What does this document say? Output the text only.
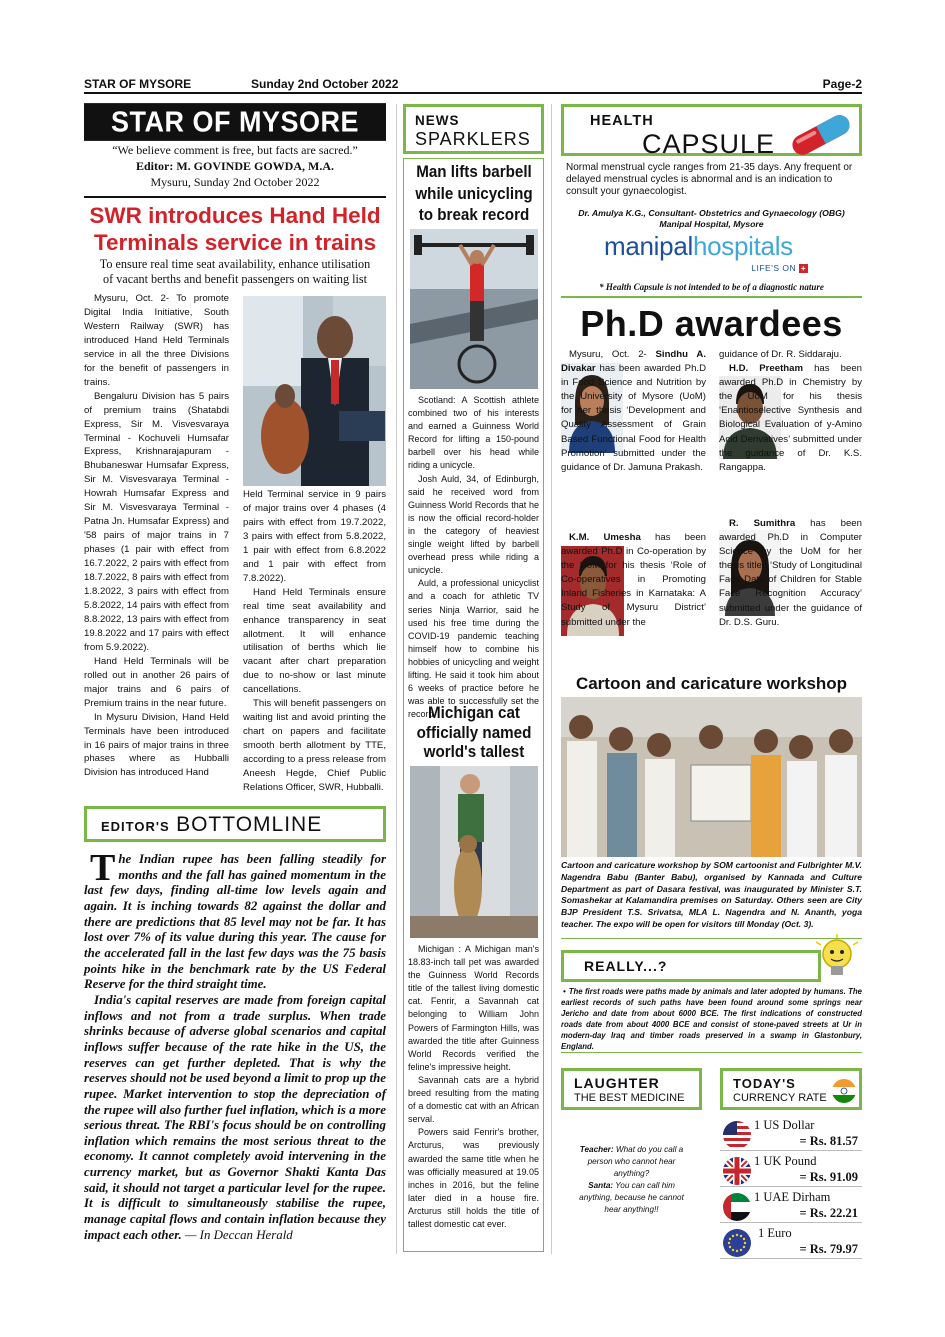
STAR OF MYSORE	Sunday 2nd October 2022	Page-2
STAR OF MYSORE
“We believe comment is free, but facts are sacred.”
Editor: M. GOVINDE GOWDA, M.A.
Mysuru, Sunday 2nd October 2022
SWR introduces Hand Held
Terminals service in trains
To ensure real time seat availability, enhance utilisation
of vacant berths and benefit passengers on waiting list

Mysuru, Oct. 2- To promote Digital India Initiative, South Western Railway (SWR) has introduced Hand Held Terminals service in all the three Divisions for the benefit of passengers in trains.

Bengaluru Division has 5 pairs of premium trains (Shatabdi Express, Sir M. Visvesvaraya Terminal - Kochuveli Humsafar Express, Krishnarajapuram - Bhubaneswar Humsafar Express, Sir M. Visvesvaraya Terminal - Howrah Humsafar Express and Sir M. Visvesvaraya Terminal - Patna Jn. Humsafar Express) and '58 pairs of major trains in 7 phases (1 pair with effect from 16.7.2022, 2 pairs with effect from 18.7.2022, 8 pairs with effect from 1.8.2022, 3 pairs with effect from 5.8.2022, 14 pairs with effect from 8.8.2022, 13 pairs with effect from 19.8.2022 and 17 pairs with effect from 5.9.2022).

Hand Held Terminals will be rolled out in another 26 pairs of major trains and 6 pairs of Premium trains in the near future.

In Mysuru Division, Hand Held Terminals have been introduced in 16 pairs of major trains in three phases where as Hubballi Division has introduced Hand

Held Terminal service in 9 pairs of major trains over 4 phases (4 pairs with effect from 19.7.2022, 3 pairs with effect from 5.8.2022, 1 pair with effect from 6.8.2022 and 1 pair with effect from 7.8.2022).

Hand Held Terminals ensure real time seat availability and enhance transparency in seat allotment. It will enhance utilisation of berths which lie vacant after chart preparation due to no-show or last minute cancellations.

This will benefit passengers on waiting list and avoid printing the chart on papers and facilitate smooth berth allotment by TTE, according to a press release from Aneesh Hegde, Chief Public Relations Officer, SWR, Hubballi.

EDITOR'S BOTTOMLINE

The Indian rupee has been falling steadily for months and the fall has gained momentum in the last few days, finding all-time low levels again and again. It is inching towards 82 against the dollar and there are predictions that 85 level may not be far. It has lost over 7% of its value during this year. The cause for the accelerated fall in the last few days was the 75 basis points hike in the benchmark rate by the US Federal Reserve for the third straight time.

India's capital reserves are made from foreign capital inflows and not from a trade surplus. When trade shrinks because of adverse global scenarios and capital inflows suffer because of the rate hike in the US, the reserves can get further depleted. That is why the reserves should not be used beyond a limit to prop up the rupee. Market intervention to stop the depreciation of the rupee will also further fuel inflation, which is a more serious threat. The RBI's focus should be on controlling inflation which remains the most serious threat to the economy. It cannot completely avoid intervening in the currency market, but as Governor Shakti Kanta Das said, it should not target a particular level for the rupee. It is difficult to simultaneously stabilise the rupee, manage capital flows and contain inflation because they impact each other. — In Deccan Herald

NEWS
SPARKLERS
Man lifts barbell while unicycling to break record

Scotland: A Scottish athlete combined two of his interests and earned a Guinness World Record for lifting a 150-pound barbell over his head while riding a unicycle.

Josh Auld, 34, of Edinburgh, said he received word from Guinness World Records that he is now the official record-holder in the category of heaviest single weight lifted by barbell overhead press while riding a unicycle.

Auld, a professional unicyclist and a coach for athletic TV series Ninja Warrior, said he used his free time during the COVID-19 pandemic teaching himself how to combine his hobbies of unicycling and weight lifting. He said it took him about 6 weeks of practice before he was able to successfully set the record.

Michigan cat officially named world's tallest

Michigan : A Michigan man's 18.83-inch tall pet was awarded the Guinness World Records title of the tallest living domestic cat. Fenrir, a Savannah cat belonging to William John Powers of Farmington Hills, was awarded the title after Guinness World Records verified the feline's impressive height.

Savannah cats are a hybrid breed resulting from the mating of a domestic cat with an African serval.

Powers said Fenrir's brother, Arcturus, was previously awarded the same title when he was officially measured at 19.05 inches in 2016, but the feline later died in a house fire. Arcturus still holds the title of tallest domestic cat ever.

HEALTH
CAPSULE
Normal menstrual cycle ranges from 21-35 days. Any frequent or delayed menstrual cycles is abnormal and is an indication to consult your gynaecologist.
Dr. Amulya K.G., Consultant- Obstetrics and Gynaecology (OBG)
Manipal Hospital, Mysore
manipalhospitals
LIFE'S ON +
* Health Capsule is not intended to be of a diagnostic nature
Ph.D awardees
Mysuru, Oct. 2- Sindhu A. Divakar has been awarded Ph.D in Food Science and Nutrition by the University of Mysore (UoM) for her thesis ‘Development and Quality Assessment of Grain Based Functional Food for Health Promotion’ submitted under the guidance of Dr. Jamuna Prakash.
K.M. Umesha has been awarded Ph.D in Co-operation by the UoM for his thesis ‘Role of Co-operatives in Promoting Inland Fisheries in Karnataka: A Study of Mysuru District’ submitted under the
guidance of Dr. R. Siddaraju.
H.D. Preetham has been awarded Ph.D in Chemistry by the UoM for his thesis ‘Enantioselective Synthesis and Biological Evaluation of y-Amino Acid Derivatives’ submitted under the guidance of Dr. K.S. Rangappa.
R. Sumithra has been awarded Ph.D in Computer Science by the UoM for her thesis titled ‘Study of Longitudinal Face Data of Children for Stable Face Recognition Accuracy’ submitted under the guidance of Dr. D.S. Guru.
Cartoon and caricature workshop
Cartoon and caricature workshop by SOM cartoonist and Fulbrighter M.V. Nagendra Babu (Banter Babu), organised by Kannada and Culture Department as part of Dasara festival, was inaugurated by Minister S.T. Somashekar at Kalamandira premises on Saturday. Others seen are City BJP President T.S. Srivatsa, MLA L. Nagendra and N. Ananth, yoga teacher. The expo will be open for visitors till Monday (Oct. 3).
REALLY...?
• The first roads were paths made by animals and later adopted by humans. The earliest records of such paths have been found around some springs near Jericho and date from about 6000 BCE. The first indications of constructed roads date from about 4000 BCE and consist of stone-paved streets at Ur in modern-day Iraq and timber roads preserved in a swamp in Glastonbury, England.
LAUGHTER
THE BEST MEDICINE
Teacher: What do you call a person who cannot hear anything?
Santa: You can call him anything, because he cannot hear anything!!
TODAY'S
CURRENCY RATE
1 US Dollar
= Rs. 81.57
1 UK Pound
= Rs. 91.09
1 UAE Dirham
= Rs. 22.21
1 Euro
= Rs. 79.97
